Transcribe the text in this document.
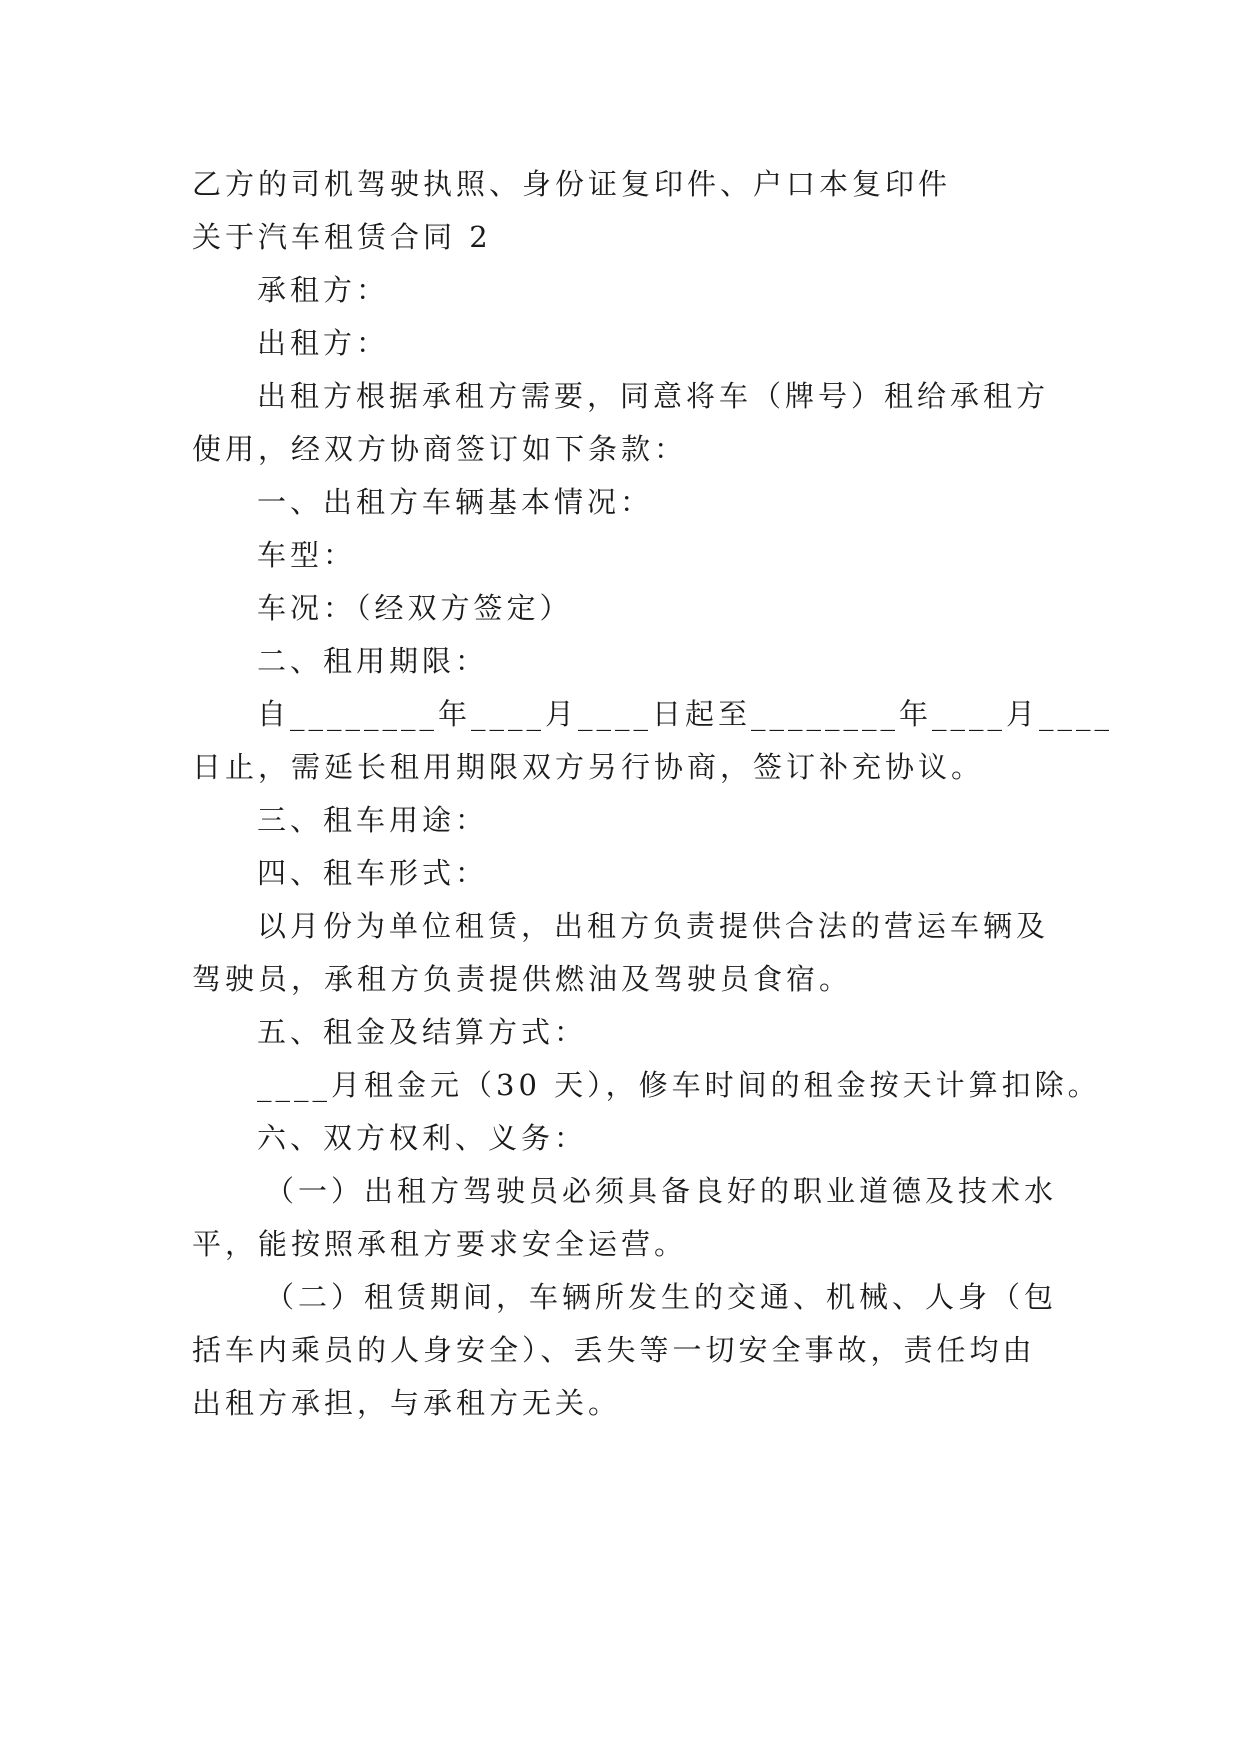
乙方的司机驾驶执照、身份证复印件、户口本复印件
关于汽车租赁合同 2
承租方：
出租方：
出租方根据承租方需要，同意将车（牌号）租给承租方
使用，经双方协商签订如下条款：
一、出租方车辆基本情况：
车型：
车况：（经双方签定）
二、租用期限：
自________年____月____日起至________年____月____
日止，需延长租用期限双方另行协商，签订补充协议。
三、租车用途：
四、租车形式：
以月份为单位租赁，出租方负责提供合法的营运车辆及
驾驶员，承租方负责提供燃油及驾驶员食宿。
五、租金及结算方式：
____月租金元（30 天），修车时间的租金按天计算扣除。
六、双方权利、义务：
（一）出租方驾驶员必须具备良好的职业道德及技术水
平，能按照承租方要求安全运营。
（二）租赁期间，车辆所发生的交通、机械、人身（包
括车内乘员的人身安全）、丢失等一切安全事故，责任均由
出租方承担，与承租方无关。
